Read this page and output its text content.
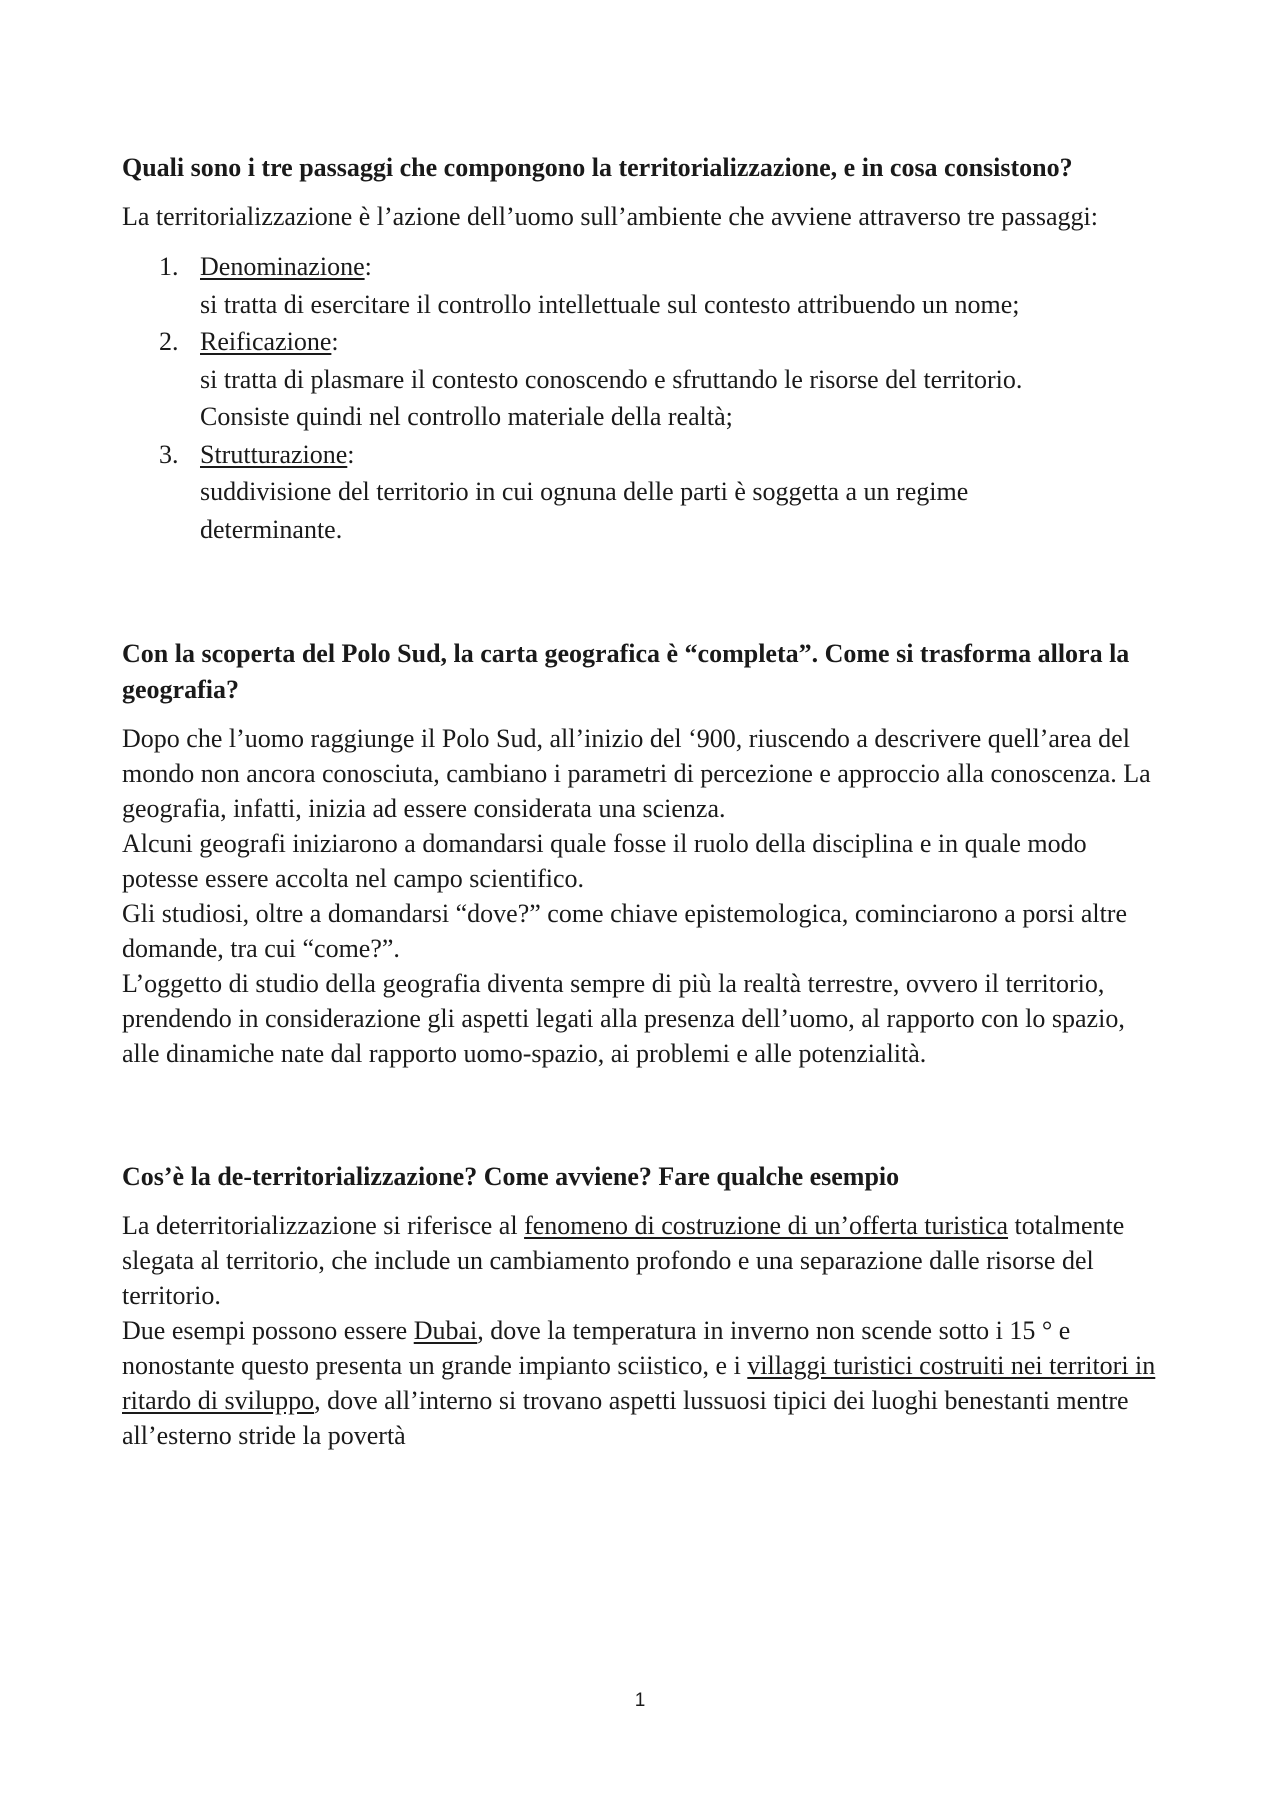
Quali sono i tre passaggi che compongono la territorializzazione, e in cosa consistono?

La territorializzazione è l’azione dell’uomo sull’ambiente che avviene attraverso tre passaggi:

1. Denominazione:
si tratta di esercitare il controllo intellettuale sul contesto attribuendo un nome;
2. Reificazione:
si tratta di plasmare il contesto conoscendo e sfruttando le risorse del territorio.
Consiste quindi nel controllo materiale della realtà;
3. Strutturazione:
suddivisione del territorio in cui ognuna delle parti è soggetta a un regime
determinante.

Con la scoperta del Polo Sud, la carta geografica è “completa”. Come si trasforma allora la geografia?

Dopo che l’uomo raggiunge il Polo Sud, all’inizio del ‘900, riuscendo a descrivere quell’area del mondo non ancora conosciuta, cambiano i parametri di percezione e approccio alla conoscenza. La geografia, infatti, inizia ad essere considerata una scienza.

Alcuni geografi iniziarono a domandarsi quale fosse il ruolo della disciplina e in quale modo potesse essere accolta nel campo scientifico.

Gli studiosi, oltre a domandarsi “dove?” come chiave epistemologica, cominciarono a porsi altre domande, tra cui “come?”.

L’oggetto di studio della geografia diventa sempre di più la realtà terrestre, ovvero il territorio, prendendo in considerazione gli aspetti legati alla presenza dell’uomo, al rapporto con lo spazio, alle dinamiche nate dal rapporto uomo-spazio, ai problemi e alle potenzialità.

Cos’è la de-territorializzazione? Come avviene? Fare qualche esempio

La deterritorializzazione si riferisce al fenomeno di costruzione di un’offerta turistica totalmente slegata al territorio, che include un cambiamento profondo e una separazione dalle risorse del territorio.

Due esempi possono essere Dubai, dove la temperatura in inverno non scende sotto i 15 ° e nonostante questo presenta un grande impianto sciistico, e i villaggi turistici costruiti nei territori in ritardo di sviluppo, dove all’interno si trovano aspetti lussuosi tipici dei luoghi benestanti mentre all’esterno stride la povertà

1
